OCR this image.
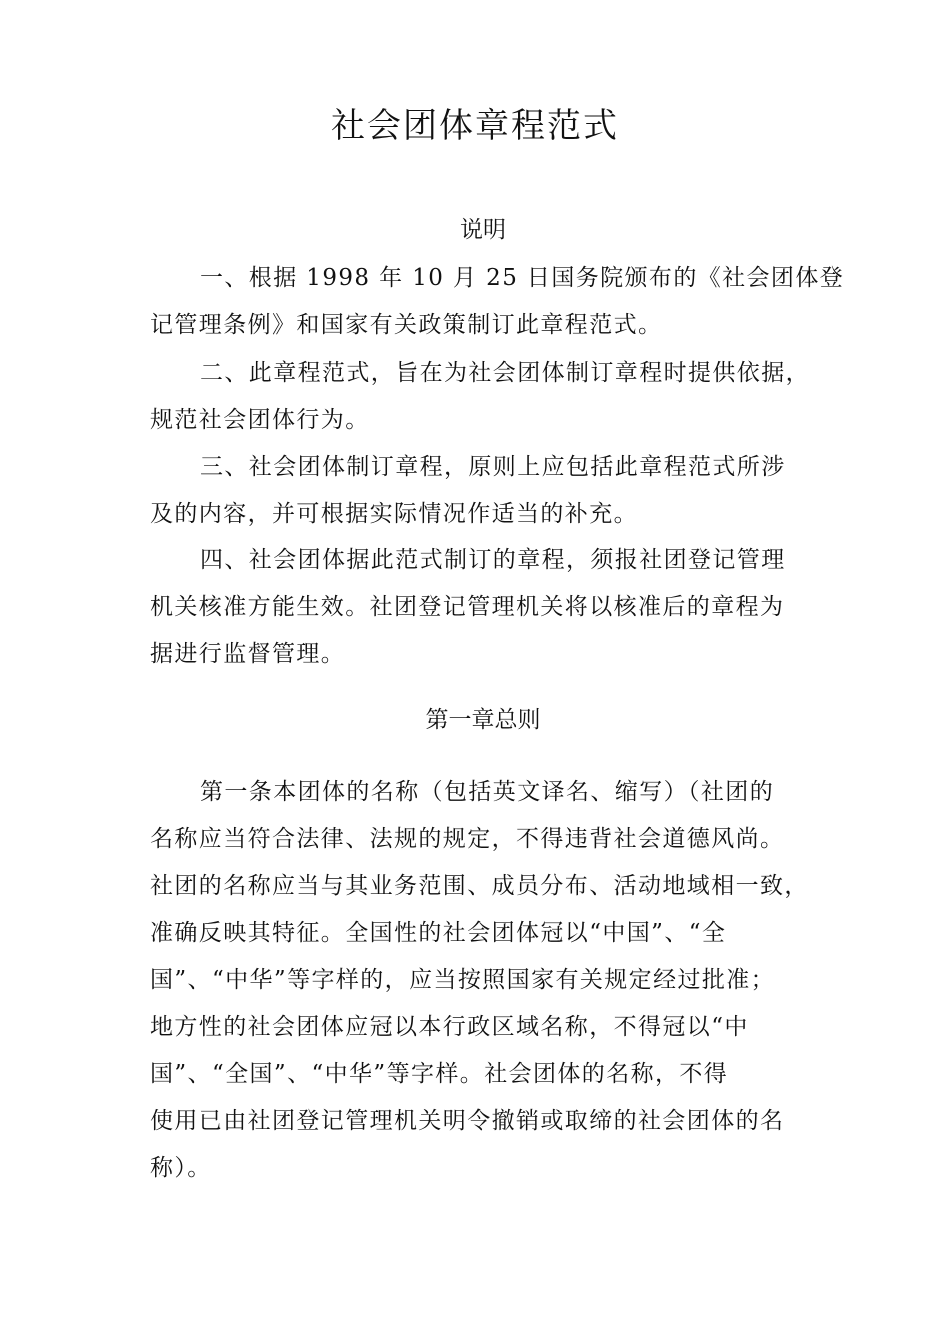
社会团体章程范式
说明

一、根据 1998 年 10 月 25 日国务院颁布的《社会团体登
记管理条例》和国家有关政策制订此章程范式。

二、此章程范式，旨在为社会团体制订章程时提供依据，
规范社会团体行为。

三、社会团体制订章程，原则上应包括此章程范式所涉
及的内容，并可根据实际情况作适当的补充。

四、社会团体据此范式制订的章程，须报社团登记管理
机关核准方能生效。社团登记管理机关将以核准后的章程为
据进行监督管理。

第一章总则

第一条本团体的名称（包括英文译名、缩写）（社团的
名称应当符合法律、法规的规定，不得违背社会道德风尚。
社团的名称应当与其业务范围、成员分布、活动地域相一致，
准确反映其特征。全国性的社会团体冠以“中国”、“全
国”、“中华”等字样的，应当按照国家有关规定经过批准；
地方性的社会团体应冠以本行政区域名称，不得冠以“中
国”、“全国”、“中华”等字样。社会团体的名称，不得
使用已由社团登记管理机关明令撤销或取缔的社会团体的名
称）。
